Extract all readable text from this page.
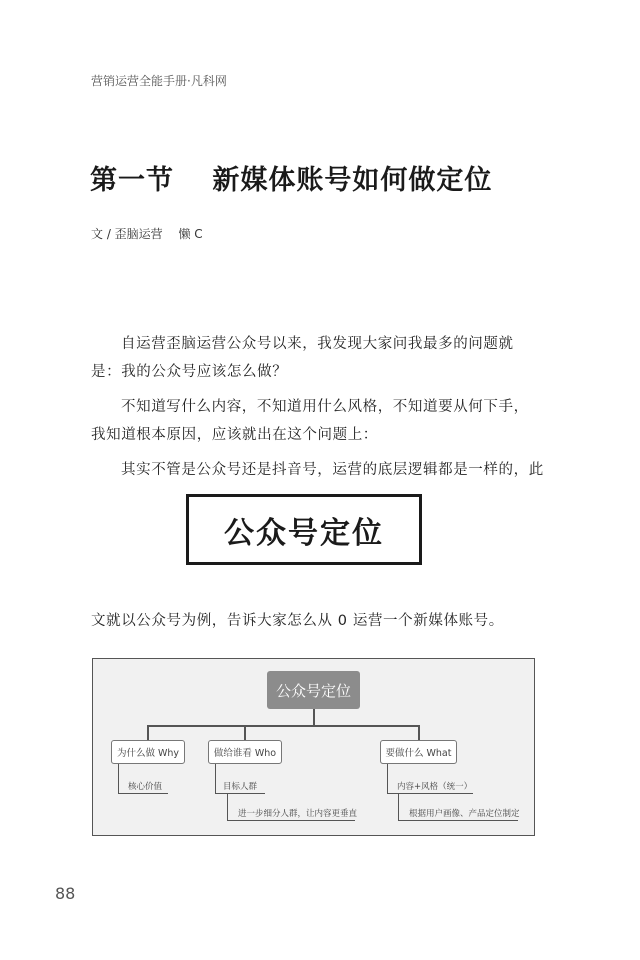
营销运营全能手册·凡科网
第一节　 新媒体账号如何做定位
文 / 歪脑运营　 懒 C

自运营歪脑运营公众号以来，我发现大家问我最多的问题就是：我的公众号应该怎么做？

不知道写什么内容，不知道用什么风格，不知道要从何下手，我知道根本原因，应该就出在这个问题上：

其实不管是公众号还是抖音号，运营的底层逻辑都是一样的，此

公众号定位

文就以公众号为例，告诉大家怎么从 0 运营一个新媒体账号。

公众号定位
为什么做 Why
核心价值
做给谁看 Who
目标人群
进一步细分人群，让内容更垂直
要做什么 What
内容+风格（统一）
根据用户画像、产品定位制定
88
